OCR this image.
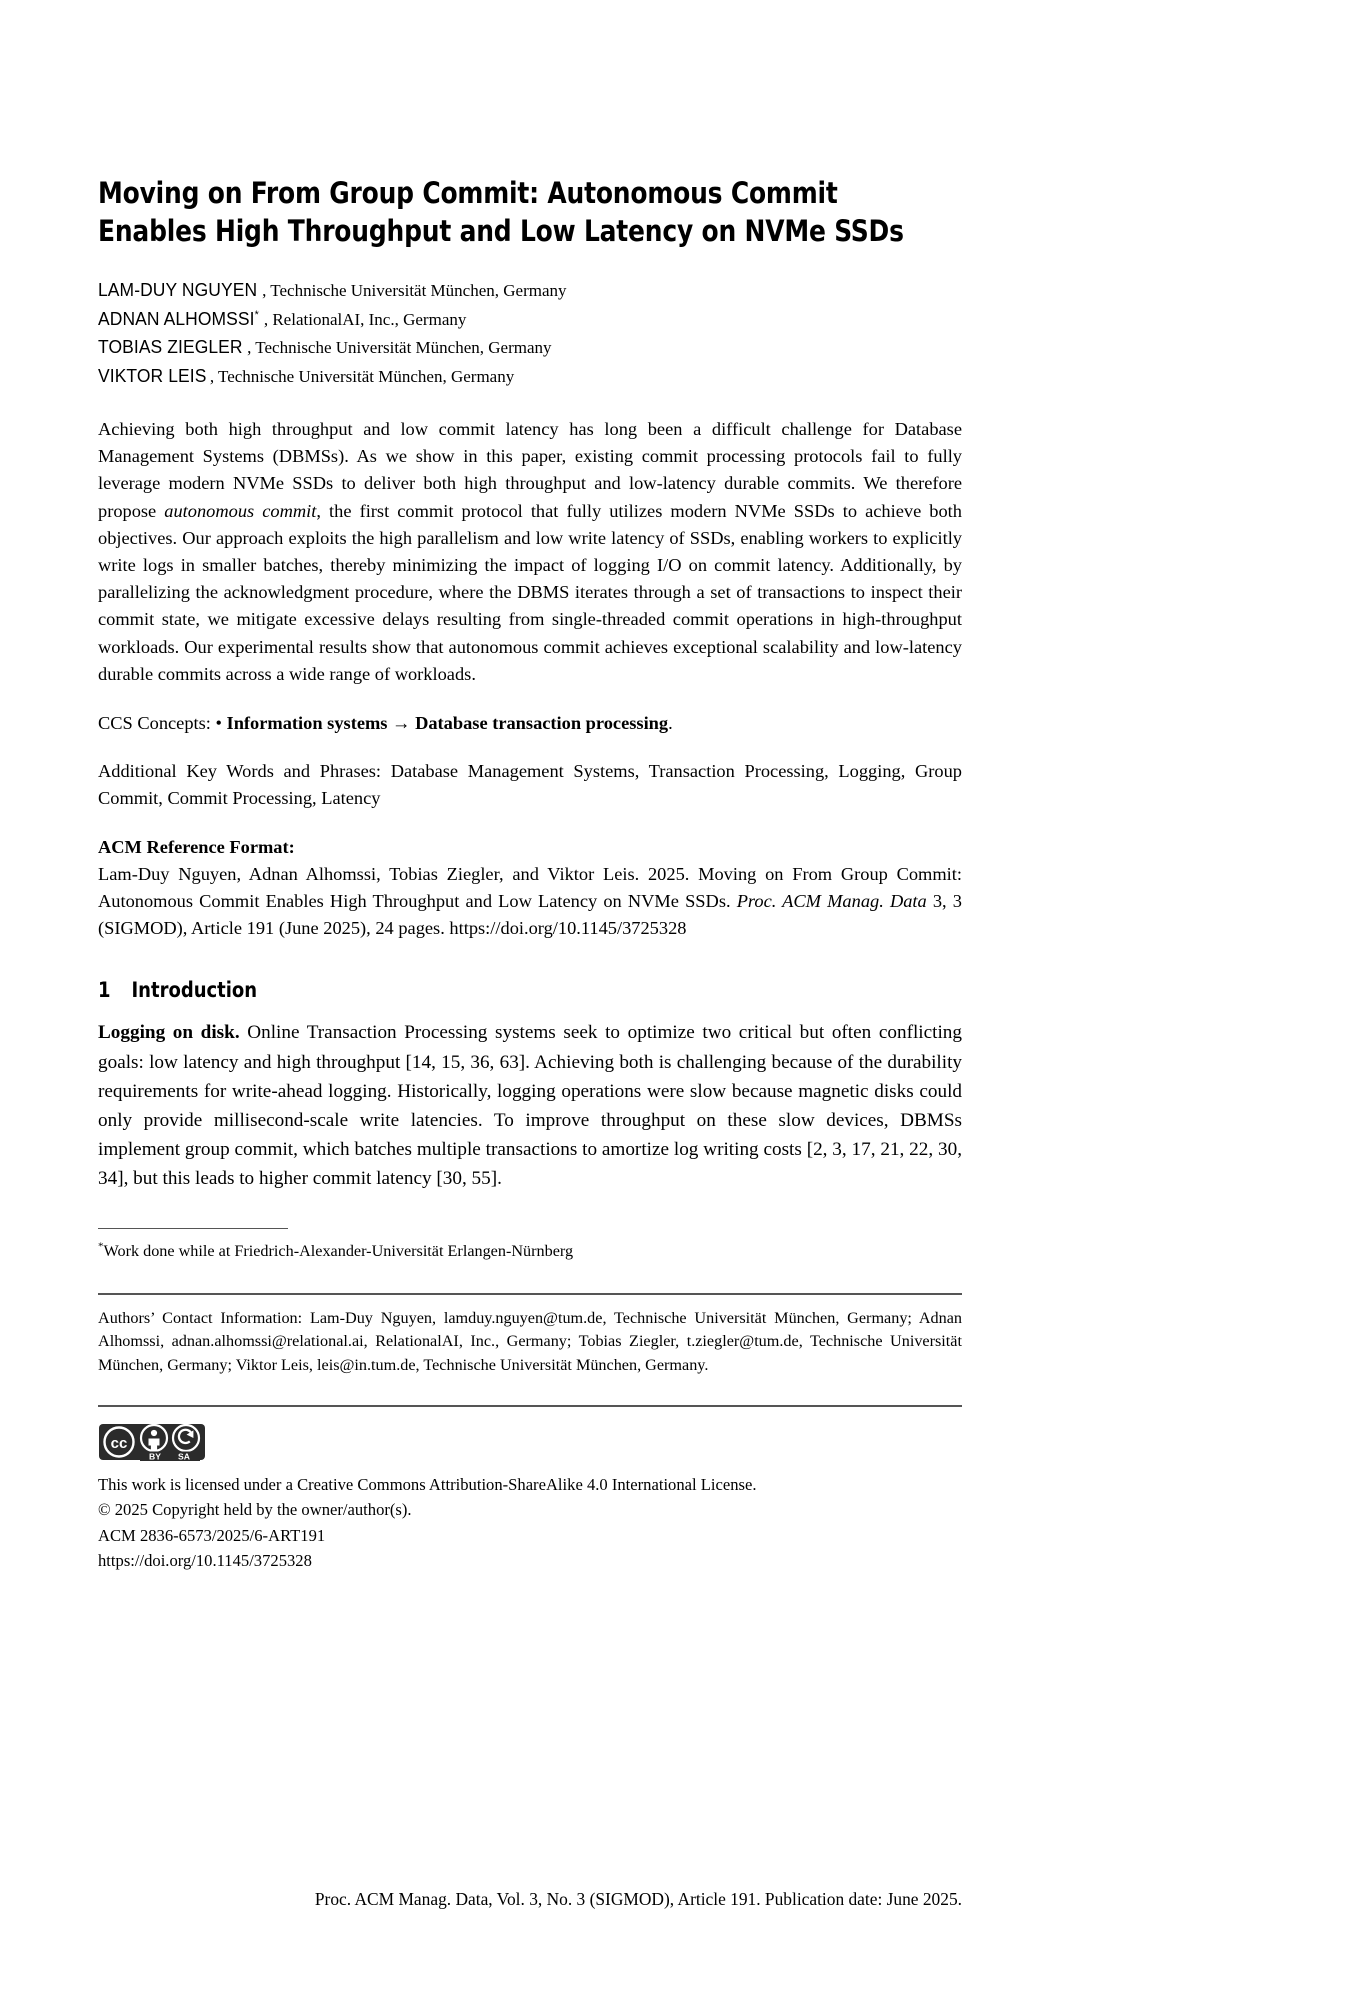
Moving on From Group Commit: Autonomous Commit
Enables High Throughput and Low Latency on NVMe SSDs
LAM-DUY NGUYEN , Technische Universität München, Germany
ADNAN ALHOMSSI* , RelationalAI, Inc., Germany
TOBIAS ZIEGLER , Technische Universität München, Germany
VIKTOR LEIS , Technische Universität München, Germany
Achieving both high throughput and low commit latency has long been a difficult challenge for Database Management Systems (DBMSs). As we show in this paper, existing commit processing protocols fail to fully leverage modern NVMe SSDs to deliver both high throughput and low-latency durable commits. We therefore propose autonomous commit, the first commit protocol that fully utilizes modern NVMe SSDs to achieve both objectives. Our approach exploits the high parallelism and low write latency of SSDs, enabling workers to explicitly write logs in smaller batches, thereby minimizing the impact of logging I/O on commit latency. Additionally, by parallelizing the acknowledgment procedure, where the DBMS iterates through a set of transactions to inspect their commit state, we mitigate excessive delays resulting from single-threaded commit operations in high-throughput workloads. Our experimental results show that autonomous commit achieves exceptional scalability and low-latency durable commits across a wide range of workloads.
CCS Concepts: • Information systems → Database transaction processing.
Additional Key Words and Phrases: Database Management Systems, Transaction Processing, Logging, Group Commit, Commit Processing, Latency
ACM Reference Format:
Lam-Duy Nguyen, Adnan Alhomssi, Tobias Ziegler, and Viktor Leis. 2025. Moving on From Group Commit: Autonomous Commit Enables High Throughput and Low Latency on NVMe SSDs. Proc. ACM Manag. Data 3, 3 (SIGMOD), Article 191 (June 2025), 24 pages. https://doi.org/10.1145/3725328
1 Introduction
Logging on disk. Online Transaction Processing systems seek to optimize two critical but often conflicting goals: low latency and high throughput [14, 15, 36, 63]. Achieving both is challenging because of the durability requirements for write-ahead logging. Historically, logging operations were slow because magnetic disks could only provide millisecond-scale write latencies. To improve throughput on these slow devices, DBMSs implement group commit, which batches multiple transactions to amortize log writing costs [2, 3, 17, 21, 22, 30, 34], but this leads to higher commit latency [30, 55].
*Work done while at Friedrich-Alexander-Universität Erlangen-Nürnberg
Authors’ Contact Information: Lam-Duy Nguyen, lamduy.nguyen@tum.de, Technische Universität München, Germany; Adnan Alhomssi, adnan.alhomssi@relational.ai, RelationalAI, Inc., Germany; Tobias Ziegler, t.ziegler@tum.de, Technische Universität München, Germany; Viktor Leis, leis@in.tum.de, Technische Universität München, Germany.
cc
BY SA
This work is licensed under a Creative Commons Attribution-ShareAlike 4.0 International License.
© 2025 Copyright held by the owner/author(s).
ACM 2836-6573/2025/6-ART191
https://doi.org/10.1145/3725328
Proc. ACM Manag. Data, Vol. 3, No. 3 (SIGMOD), Article 191. Publication date: June 2025.
